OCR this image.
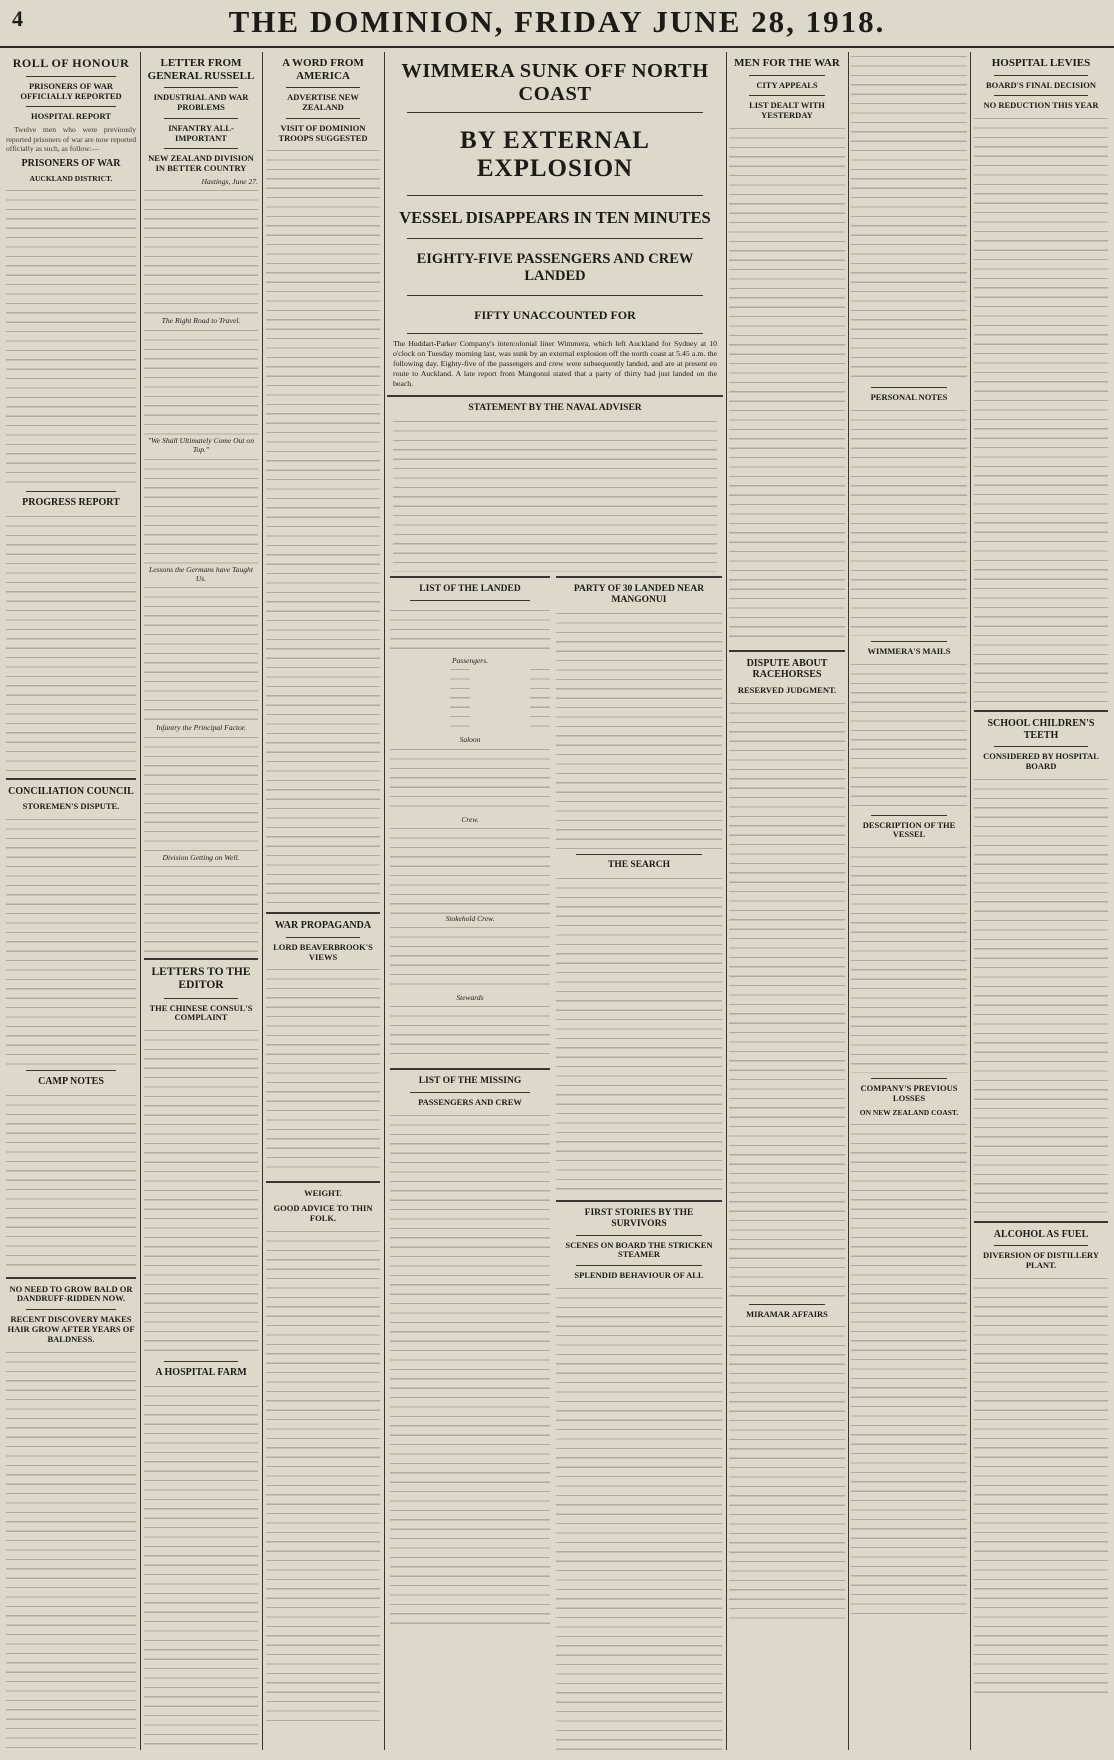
4	THE DOMINION, FRIDAY JUNE 28, 1918.
ROLL OF HONOUR
PRISONERS OF WAR OFFICIALLY REPORTED
HOSPITAL REPORT

Twelve men who were previously reported prisoners of war are now reported officially as such, as follow:—

PRISONERS OF WAR
AUCKLAND DISTRICT.
PROGRESS REPORT
CONCILIATION COUNCIL
STOREMEN'S DISPUTE.
CAMP NOTES
NO NEED TO GROW BALD OR DANDRUFF-RIDDEN NOW.
RECENT DISCOVERY MAKES HAIR GROW AFTER YEARS OF BALDNESS.
LETTER FROM GENERAL RUSSELL
INDUSTRIAL AND WAR PROBLEMS
INFANTRY ALL-IMPORTANT
NEW ZEALAND DIVISION IN BETTER COUNTRY
Hastings, June 27.
The Right Road to Travel.
"We Shall Ultimately Come Out on Top."
Lessons the Germans have Taught Us.
Infantry the Principal Factor.
Division Getting on Well.
LETTERS TO THE EDITOR
THE CHINESE CONSUL'S COMPLAINT
A HOSPITAL FARM
A WORD FROM AMERICA
ADVERTISE NEW ZEALAND
VISIT OF DOMINION TROOPS SUGGESTED
WAR PROPAGANDA
LORD BEAVERBROOK'S VIEWS
WEIGHT.
GOOD ADVICE TO THIN FOLK.
WIMMERA SUNK OFF NORTH COAST
BY EXTERNAL EXPLOSION
VESSEL DISAPPEARS IN TEN MINUTES
EIGHTY-FIVE PASSENGERS AND CREW LANDED
FIFTY UNACCOUNTED FOR
The Huddart-Parker Company's intercolonial liner Wimmera, which left Auckland for Sydney at 10 o'clock on Tuesday morning last, was sunk by an external explosion off the north coast at 5.45 a.m. the following day. Eighty-five of the passengers and crew were subsequently landed, and are at present en route to Auckland. A late report from Mangonui stated that a party of thirty had just landed on the beach.
STATEMENT BY THE NAVAL ADVISER
LIST OF THE LANDED
Passengers.
Saloon
Crew.
Stokehold Crew.
Stewards
LIST OF THE MISSING
PASSENGERS AND CREW
PARTY OF 30 LANDED NEAR MANGONUI
THE SEARCH
FIRST STORIES BY THE SURVIVORS
SCENES ON BOARD THE STRICKEN STEAMER
SPLENDID BEHAVIOUR OF ALL
MEN FOR THE WAR
CITY APPEALS
LIST DEALT WITH YESTERDAY
DISPUTE ABOUT RACEHORSES
RESERVED JUDGMENT.
MIRAMAR AFFAIRS
PERSONAL NOTES
WIMMERA'S MAILS
DESCRIPTION OF THE VESSEL
COMPANY'S PREVIOUS LOSSES
ON NEW ZEALAND COAST.
HOSPITAL LEVIES
BOARD'S FINAL DECISION
NO REDUCTION THIS YEAR
SCHOOL CHILDREN'S TEETH
CONSIDERED BY HOSPITAL BOARD
ALCOHOL AS FUEL
DIVERSION OF DISTILLERY PLANT.
